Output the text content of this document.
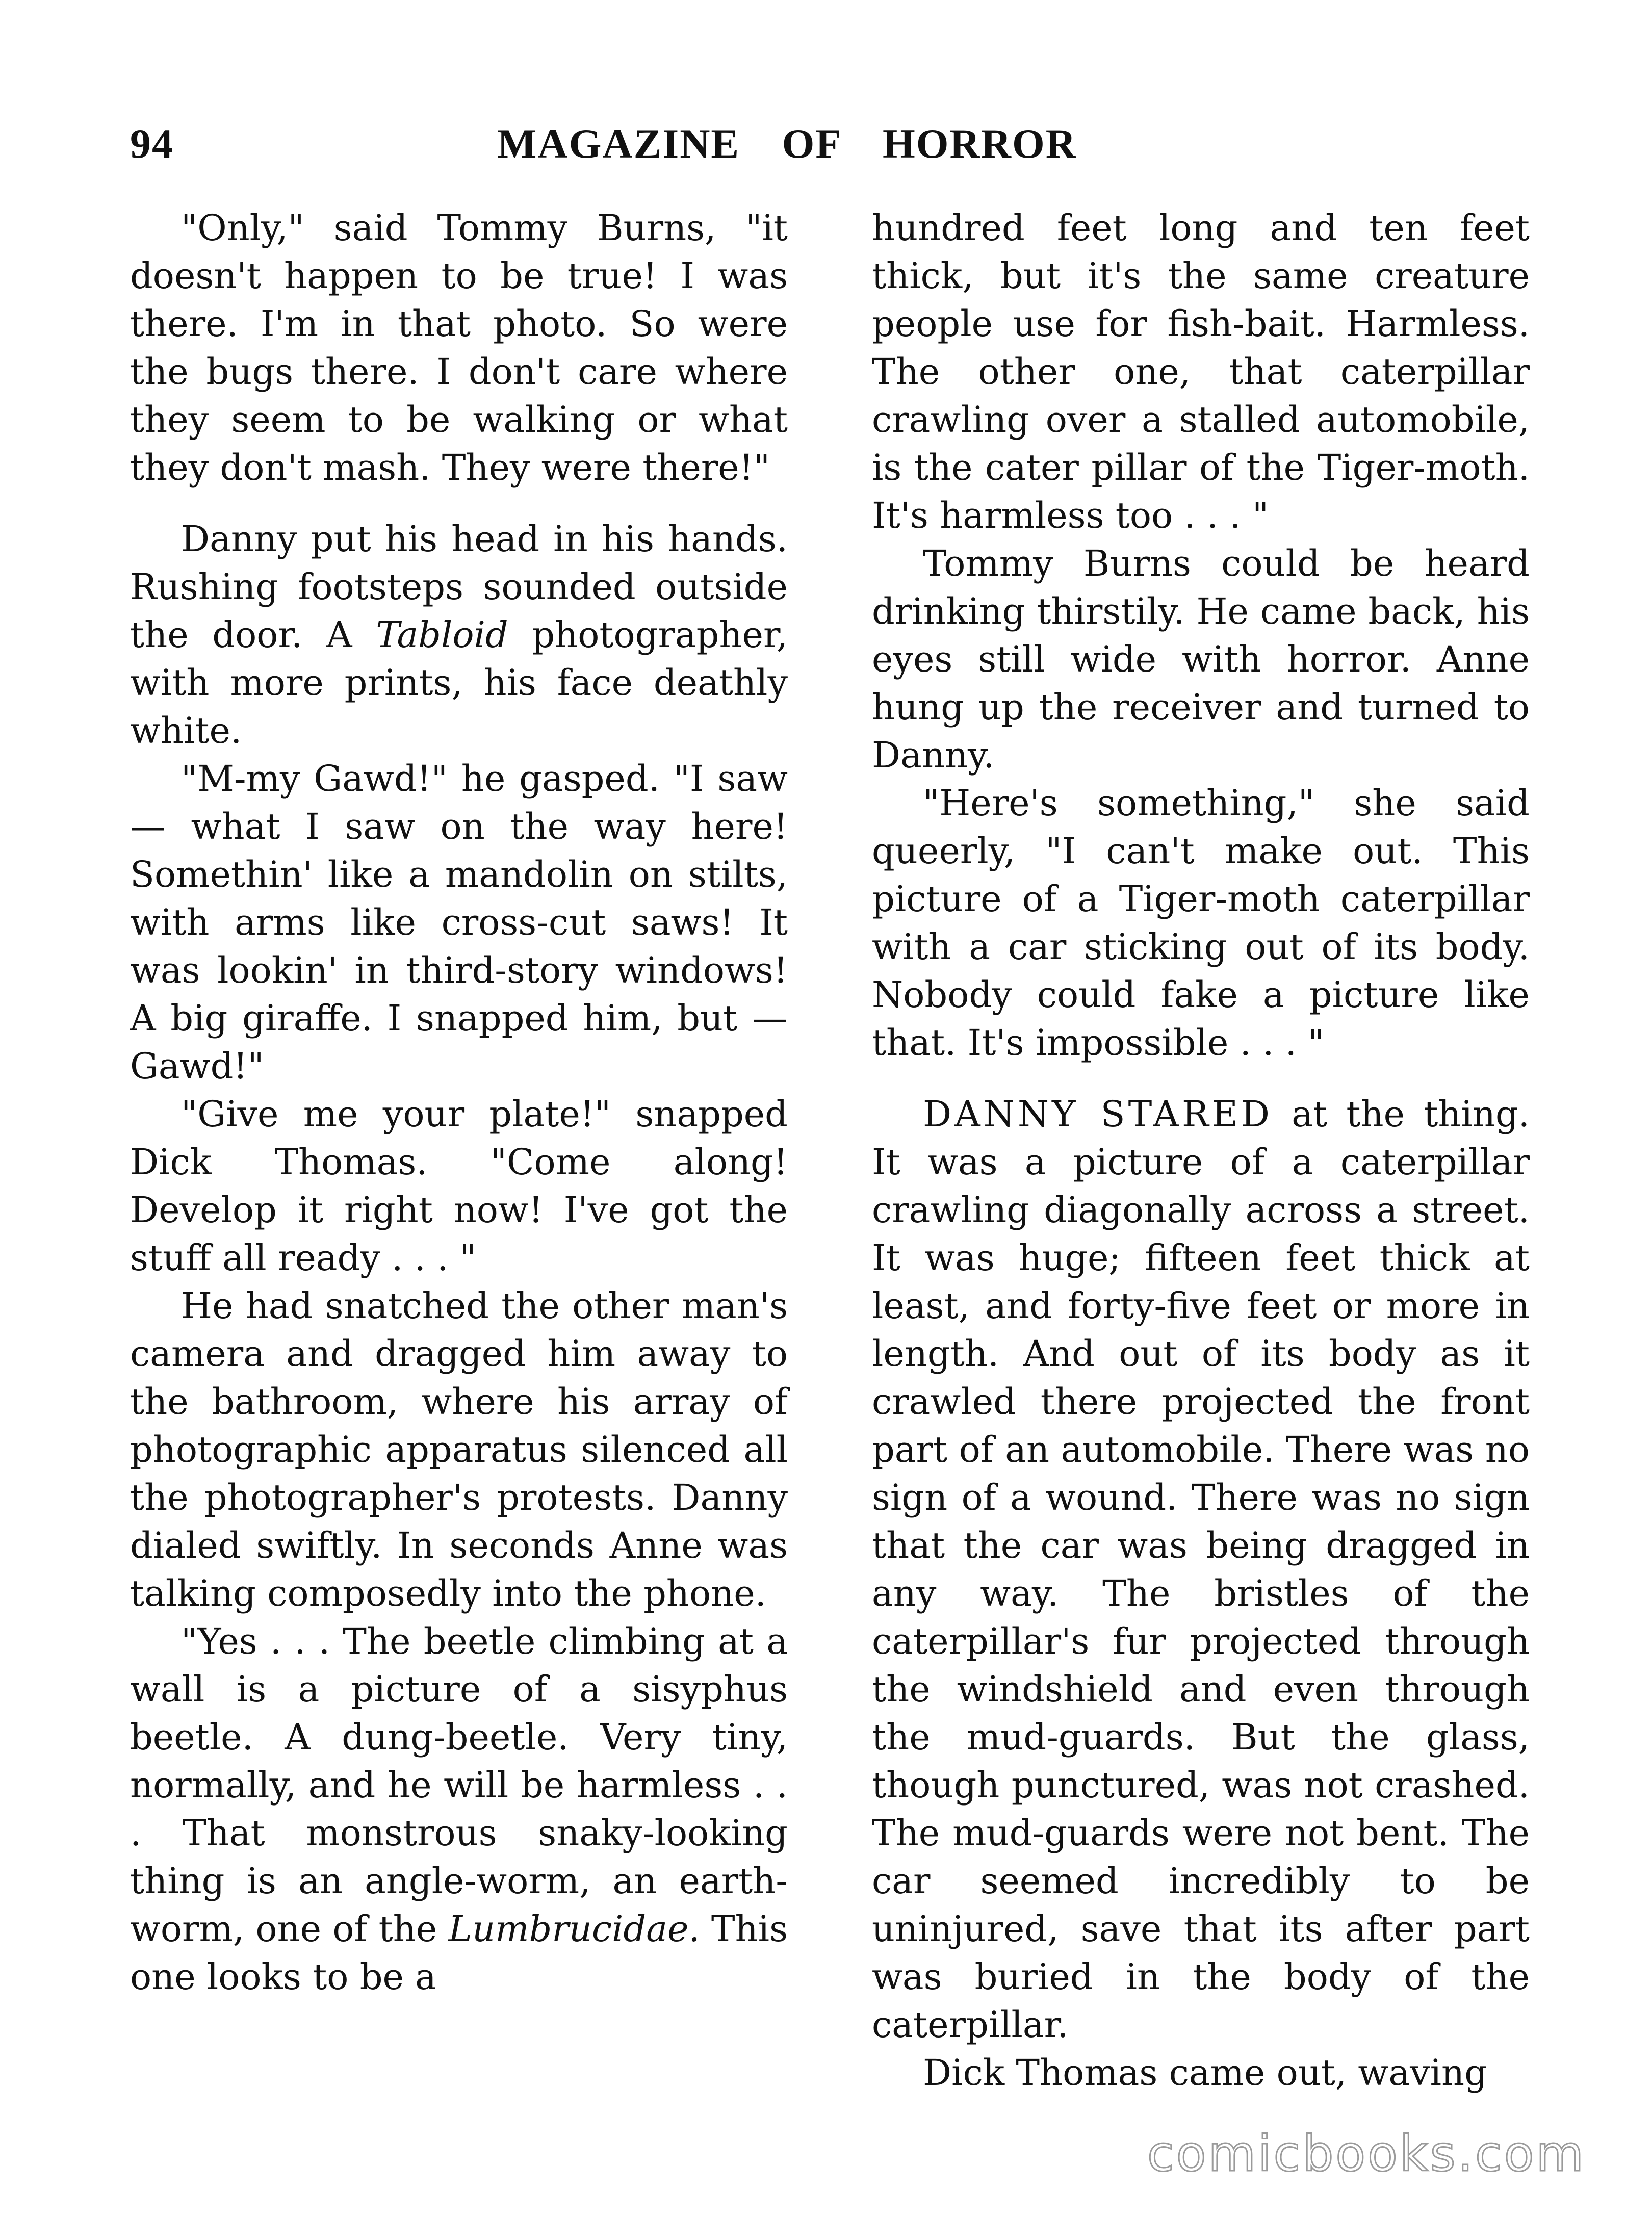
94	MAGAZINE OF HORROR

"Only," said Tommy Burns, "it doesn't happen to be true! I was there. I'm in that photo. So were the bugs there. I don't care where they seem to be walking or what they don't mash. They were there!"

Danny put his head in his hands. Rushing footsteps sounded outside the door. A Tabloid photographer, with more prints, his face deathly white.

"M-my Gawd!" he gasped. "I saw — what I saw on the way here! Somethin' like a mandolin on stilts, with arms like cross-cut saws! It was lookin' in third-story windows! A big giraffe. I snapped him, but — Gawd!"

"Give me your plate!" snapped Dick Thomas. "Come along! Develop it right now! I've got the stuff all ready . . . "

He had snatched the other man's camera and dragged him away to the bathroom, where his array of photographic apparatus silenced all the photographer's protests. Danny dialed swiftly. In seconds Anne was talking composedly into the phone.

"Yes . . . The beetle climbing at a wall is a picture of a sisyphus beetle. A dung-beetle. Very tiny, normally, and he will be harmless . . . That monstrous snaky-looking thing is an angle-worm, an earth-worm, one of the Lumbrucidae. This one looks to be a

hundred feet long and ten feet thick, but it's the same creature people use for fish-bait. Harmless. The other one, that caterpillar crawling over a stalled automobile, is the cater pillar of the Tiger-moth. It's harmless too . . . "

Tommy Burns could be heard drinking thirstily. He came back, his eyes still wide with horror. Anne hung up the receiver and turned to Danny.

"Here's something," she said queerly, "I can't make out. This picture of a Tiger-moth caterpillar with a car sticking out of its body. Nobody could fake a picture like that. It's impossible . . . "

DANNY STARED at the thing. It was a picture of a caterpillar crawling diagonally across a street. It was huge; fifteen feet thick at least, and forty-five feet or more in length. And out of its body as it crawled there projected the front part of an automobile. There was no sign of a wound. There was no sign that the car was being dragged in any way. The bristles of the caterpillar's fur projected through the windshield and even through the mud-guards. But the glass, though punctured, was not crashed. The mud-guards were not bent. The car seemed incredibly to be uninjured, save that its after part was buried in the body of the caterpillar.

Dick Thomas came out, waving

comicbooks.com
